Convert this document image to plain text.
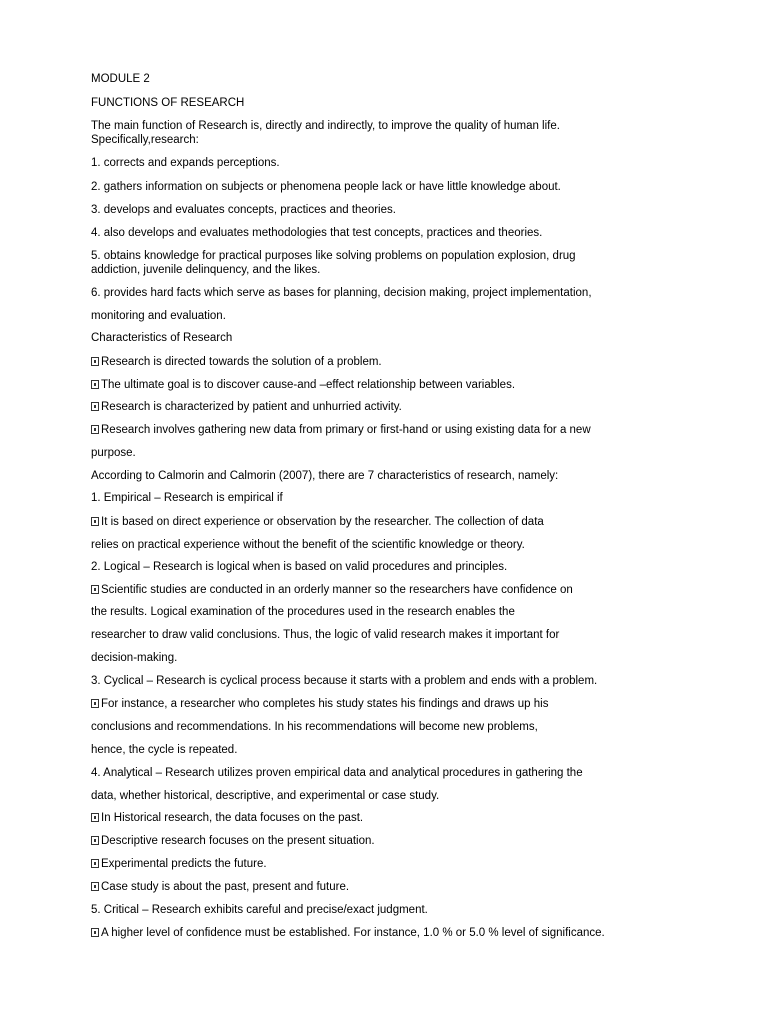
MODULE 2
FUNCTIONS OF RESEARCH
The main function of Research is, directly and indirectly, to improve the quality of human life.
Specifically,research:
1. corrects and expands perceptions.
2. gathers information on subjects or phenomena people lack or have little knowledge about.
3. develops and evaluates concepts, practices and theories.
4. also develops and evaluates methodologies that test concepts, practices and theories.
5. obtains knowledge for practical purposes like solving problems on population explosion, drug
addiction, juvenile delinquency, and the likes.
6. provides hard facts which serve as bases for planning, decision making, project implementation,
monitoring and evaluation.
Characteristics of Research
Research is directed towards the solution of a problem.
The ultimate goal is to discover cause-and –effect relationship between variables.
Research is characterized by patient and unhurried activity.
Research involves gathering new data from primary or first-hand or using existing data for a new
purpose.
According to Calmorin and Calmorin (2007), there are 7 characteristics of research, namely:
1. Empirical – Research is empirical if
It is based on direct experience or observation by the researcher. The collection of data
relies on practical experience without the benefit of the scientific knowledge or theory.
2. Logical – Research is logical when is based on valid procedures and principles.
Scientific studies are conducted in an orderly manner so the researchers have confidence on
the results. Logical examination of the procedures used in the research enables the
researcher to draw valid conclusions. Thus, the logic of valid research makes it important for
decision-making.
3. Cyclical – Research is cyclical process because it starts with a problem and ends with a problem.
For instance, a researcher who completes his study states his findings and draws up his
conclusions and recommendations. In his recommendations will become new problems,
hence, the cycle is repeated.
4. Analytical – Research utilizes proven empirical data and analytical procedures in gathering the
data, whether historical, descriptive, and experimental or case study.
In Historical research, the data focuses on the past.
Descriptive research focuses on the present situation.
Experimental predicts the future.
Case study is about the past, present and future.
5. Critical – Research exhibits careful and precise/exact judgment.
A higher level of confidence must be established. For instance, 1.0 % or 5.0 % level of significance.
